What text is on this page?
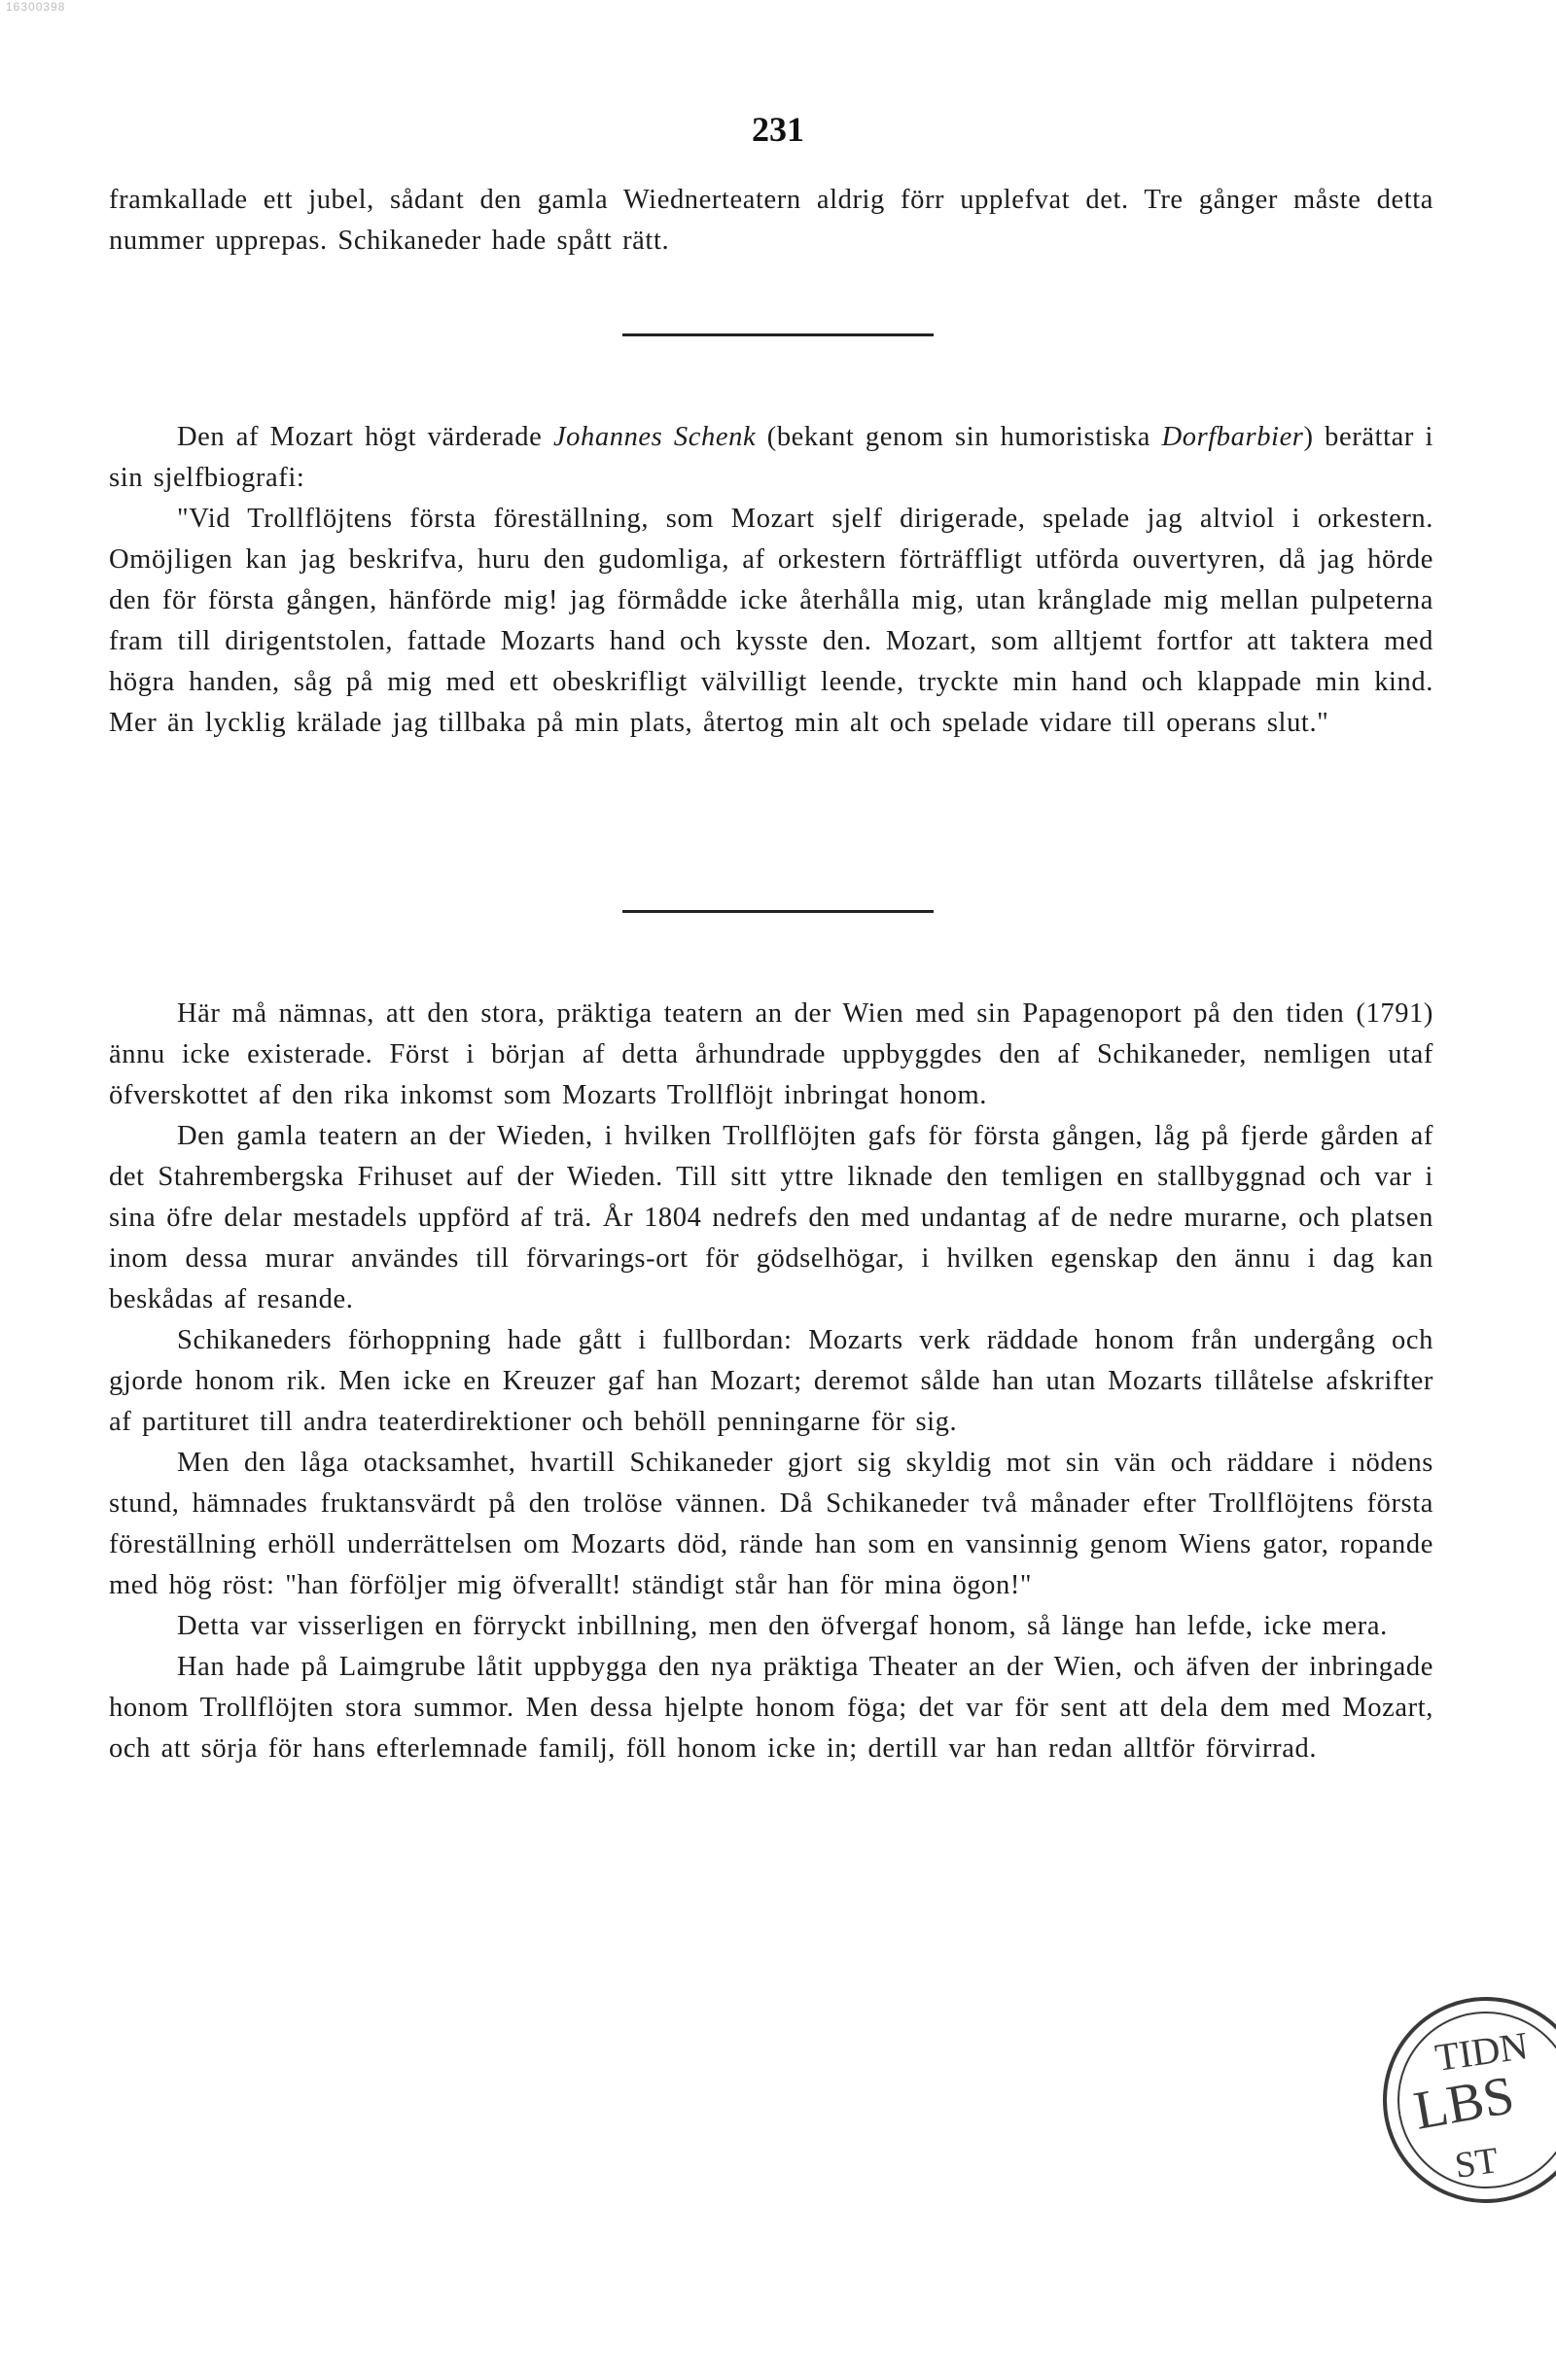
16300398
231

framkallade ett jubel, sådant den gamla Wiednerteatern aldrig förr upplefvat det. Tre gånger måste detta nummer upprepas. Schikaneder hade spått rätt.

Den af Mozart högt värderade Johannes Schenk (bekant genom sin humoristiska Dorfbarbier) berättar i sin sjelfbiografi:

"Vid Trollflöjtens första föreställning, som Mozart sjelf dirigerade, spelade jag altviol i orkestern. Omöjligen kan jag beskrifva, huru den gudomliga, af orkestern förträffligt utförda ouvertyren, då jag hörde den för första gången, hänförde mig! jag förmådde icke återhålla mig, utan krånglade mig mellan pulpeterna fram till dirigentstolen, fattade Mozarts hand och kysste den. Mozart, som alltjemt fortfor att taktera med högra handen, såg på mig med ett obeskrifligt välvilligt leende, tryckte min hand och klappade min kind. Mer än lycklig krälade jag tillbaka på min plats, återtog min alt och spelade vidare till operans slut."

Här må nämnas, att den stora, präktiga teatern an der Wien med sin Papagenoport på den tiden (1791) ännu icke existerade. Först i början af detta århundrade uppbyggdes den af Schikaneder, nemligen utaf öfverskottet af den rika inkomst som Mozarts Trollflöjt inbringat honom.

Den gamla teatern an der Wieden, i hvilken Trollflöjten gafs för första gången, låg på fjerde gården af det Stahrembergska Frihuset auf der Wieden. Till sitt yttre liknade den temligen en stallbyggnad och var i sina öfre delar mestadels uppförd af trä. År 1804 nedrefs den med undantag af de nedre murarne, och platsen inom dessa murar användes till förvarings-ort för gödselhögar, i hvilken egenskap den ännu i dag kan beskådas af resande.

Schikaneders förhoppning hade gått i fullbordan: Mozarts verk räddade honom från undergång och gjorde honom rik. Men icke en Kreuzer gaf han Mozart; deremot sålde han utan Mozarts tillåtelse afskrifter af partituret till andra teaterdirektioner och behöll penningarne för sig.

Men den låga otacksamhet, hvartill Schikaneder gjort sig skyldig mot sin vän och räddare i nödens stund, hämnades fruktansvärdt på den trolöse vännen. Då Schikaneder två månader efter Trollflöjtens första föreställning erhöll underrättelsen om Mozarts död, rände han som en vansinnig genom Wiens gator, ropande med hög röst: "han förföljer mig öfverallt! ständigt står han för mina ögon!"

Detta var visserligen en förryckt inbillning, men den öfvergaf honom, så länge han lefde, icke mera.

Han hade på Laimgrube låtit uppbygga den nya präktiga Theater an der Wien, och äfven der inbringade honom Trollflöjten stora summor. Men dessa hjelpte honom föga; det var för sent att dela dem med Mozart, och att sörja för hans efterlemnade familj, föll honom icke in; dertill var han redan alltför förvirrad.

TIDN
LBS
ST
